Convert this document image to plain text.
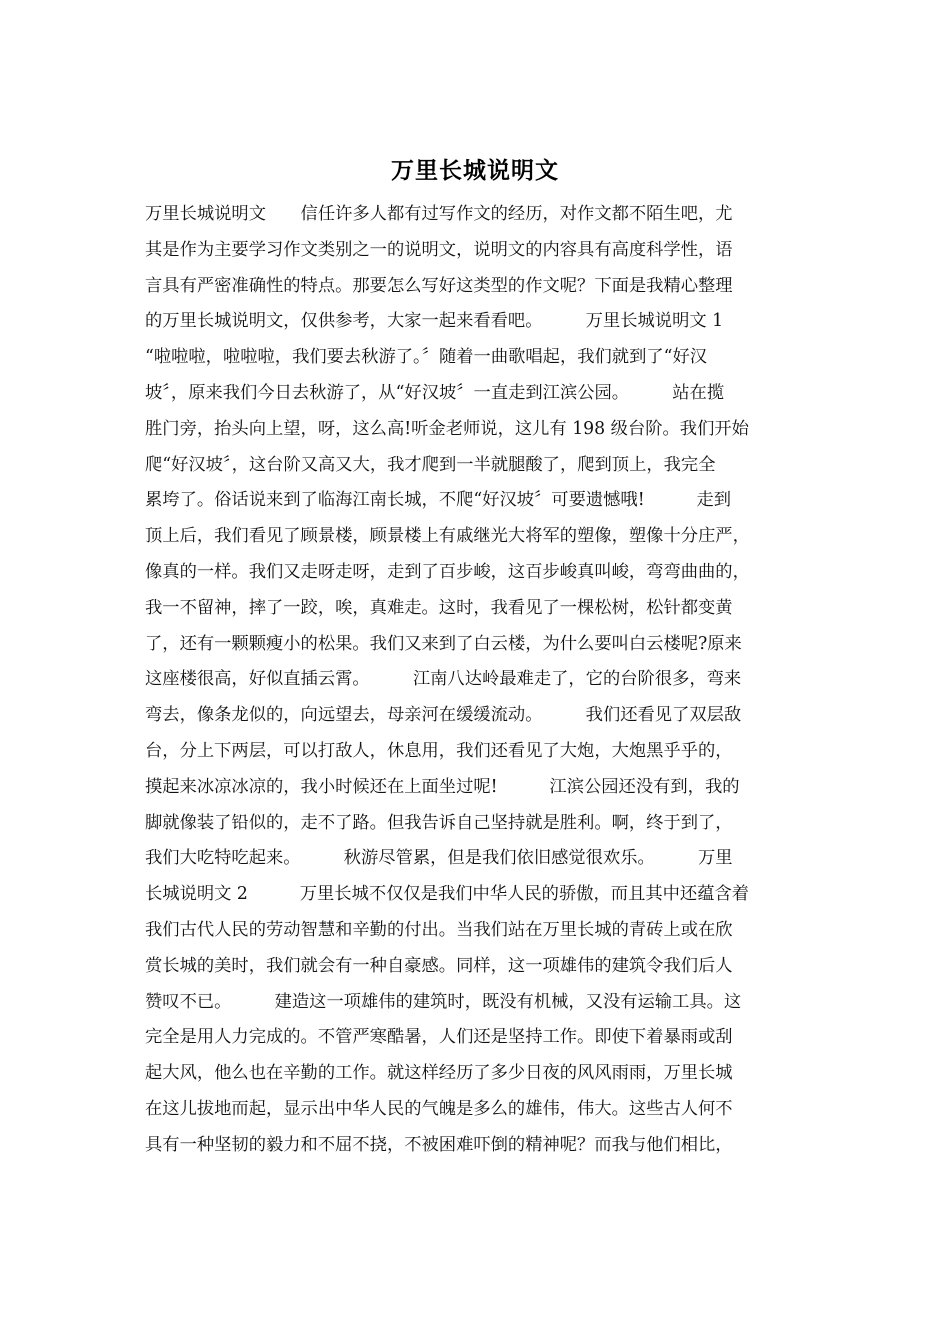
万里长城说明文
万里长城说明文　　信任许多人都有过写作文的经历，对作文都不陌生吧，尤
其是作为主要学习作文类别之一的说明文，说明文的内容具有高度科学性，语
言具有严密准确性的特点。那要怎么写好这类型的作文呢？下面是我精心整理
的万里长城说明文，仅供参考，大家一起来看看吧。　　　万里长城说明文 1
“啦啦啦，啦啦啦，我们要去秋游了。〞随着一曲歌唱起，我们就到了“好汉
坡〞，原来我们今日去秋游了，从“好汉坡〞一直走到江滨公园。　　　站在揽
胜门旁，抬头向上望，呀，这么高!听金老师说，这儿有 198 级台阶。我们开始
爬“好汉坡〞，这台阶又高又大，我才爬到一半就腿酸了，爬到顶上，我完全
累垮了。俗话说来到了临海江南长城，不爬“好汉坡〞可要遗憾哦!　　　走到
顶上后，我们看见了顾景楼，顾景楼上有戚继光大将军的塑像，塑像十分庄严，
像真的一样。我们又走呀走呀，走到了百步峻，这百步峻真叫峻，弯弯曲曲的，
我一不留神，摔了一跤，唉，真难走。这时，我看见了一棵松树，松针都变黄
了，还有一颗颗瘦小的松果。我们又来到了白云楼，为什么要叫白云楼呢?原来
这座楼很高，好似直插云霄。　　　江南八达岭最难走了，它的台阶很多，弯来
弯去，像条龙似的，向远望去，母亲河在缓缓流动。　　　我们还看见了双层敌
台，分上下两层，可以打敌人，休息用，我们还看见了大炮，大炮黑乎乎的，
摸起来冰凉冰凉的，我小时候还在上面坐过呢!　　　江滨公园还没有到，我的
脚就像装了铅似的，走不了路。但我告诉自己坚持就是胜利。啊，终于到了，
我们大吃特吃起来。　　　秋游尽管累，但是我们依旧感觉很欢乐。　　　万里
长城说明文 2　　　万里长城不仅仅是我们中华人民的骄傲，而且其中还蕴含着
我们古代人民的劳动智慧和辛勤的付出。当我们站在万里长城的青砖上或在欣
赏长城的美时，我们就会有一种自豪感。同样，这一项雄伟的建筑令我们后人
赞叹不已。　　　建造这一项雄伟的建筑时，既没有机械，又没有运输工具。这
完全是用人力完成的。不管严寒酷暑，人们还是坚持工作。即使下着暴雨或刮
起大风，他么也在辛勤的工作。就这样经历了多少日夜的风风雨雨，万里长城
在这儿拔地而起，显示出中华人民的气魄是多么的雄伟，伟大。这些古人何不
具有一种坚韧的毅力和不屈不挠，不被困难吓倒的精神呢？而我与他们相比，
